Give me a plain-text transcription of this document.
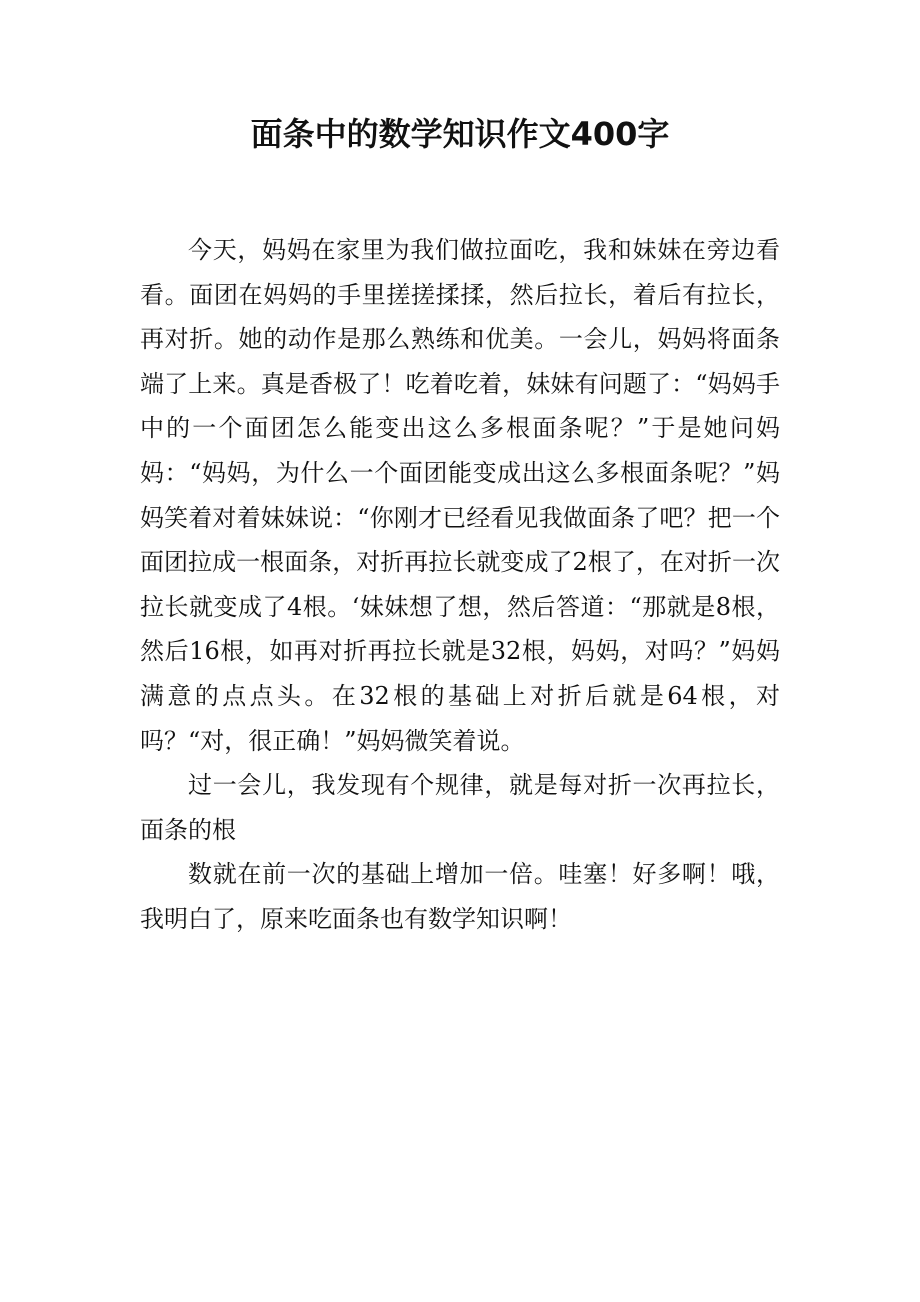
面条中的数学知识作文400字

今天，妈妈在家里为我们做拉面吃，我和妹妹在旁边看看。面团在妈妈的手里搓搓揉揉，然后拉长，着后有拉长，再对折。她的动作是那么熟练和优美。一会儿，妈妈将面条端了上来。真是香极了！吃着吃着，妹妹有问题了：“妈妈手中的一个面团怎么能变出这么多根面条呢？”于是她问妈妈：“妈妈，为什么一个面团能变成出这么多根面条呢？”妈妈笑着对着妹妹说：“你刚才已经看见我做面条了吧？把一个面团拉成一根面条，对折再拉长就变成了2根了，在对折一次拉长就变成了4根。‘妹妹想了想，然后答道：“那就是8根，然后16根，如再对折再拉长就是32根，妈妈，对吗？”妈妈满意的点点头。在32根的基础上对折后就是64根，对吗？“对，很正确！”妈妈微笑着说。

过一会儿，我发现有个规律，就是每对折一次再拉长，面条的根

数就在前一次的基础上增加一倍。哇塞！好多啊！哦，我明白了，原来吃面条也有数学知识啊！
